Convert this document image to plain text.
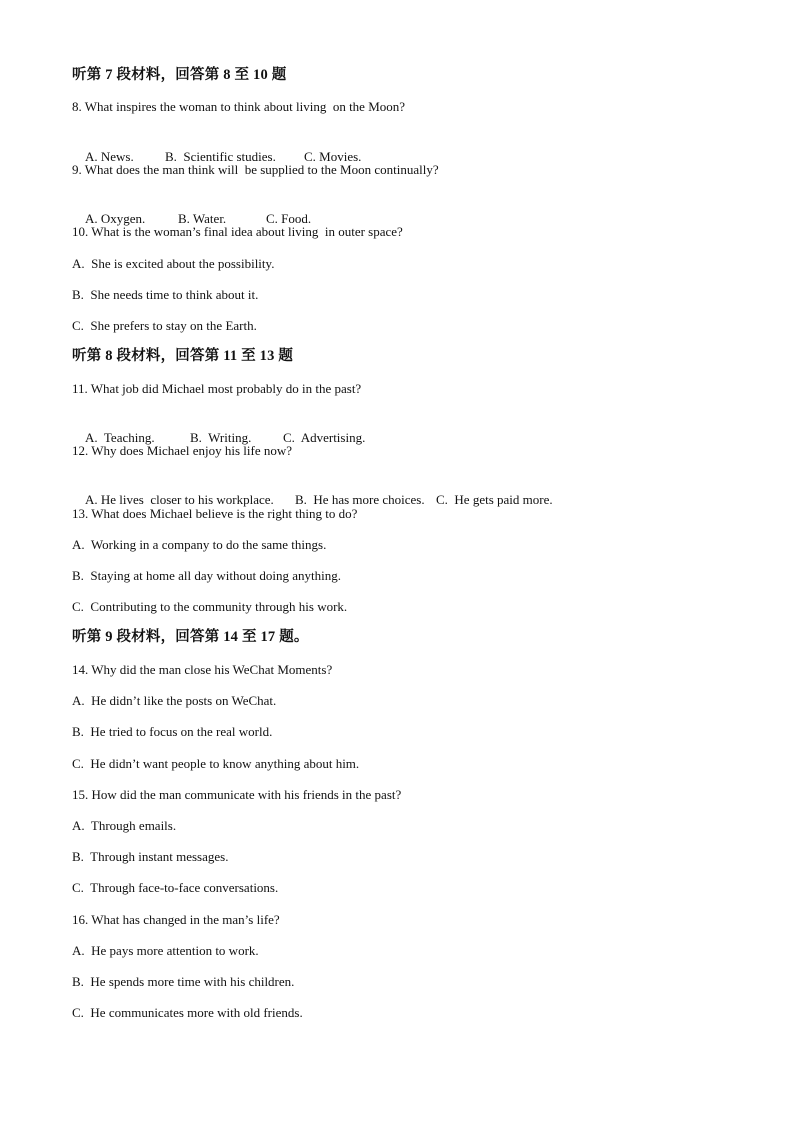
听第 7 段材料，回答第 8 至 10 题
8. What inspires the woman to think about living  on the Moon?

A. News. B.  Scientific studies. C. Movies.

9. What does the man think will  be supplied to the Moon continually?

A. Oxygen.	B. Water.	C. Food.

10. What is the woman’s final idea about living  in outer space?
A.  She is excited about the possibility.
B.  She needs time to think about it.
C.  She prefers to stay on the Earth.
听第 8 段材料，回答第 11 至 13 题
11. What job did Michael most probably do in the past?

A.  Teaching.	B.  Writing. C.  Advertising.

12. Why does Michael enjoy his life now?

A. He lives  closer to his workplace. B.  He has more choices. C.  He gets paid more.

13. What does Michael believe is the right thing to do?
A.  Working in a company to do the same things.
B.  Staying at home all day without doing anything.
C.  Contributing to the community through his work.
听第 9 段材料，回答第 14 至 17 题。
14. Why did the man close his WeChat Moments?
A.  He didn’t like the posts on WeChat.
B.  He tried to focus on the real world.
C.  He didn’t want people to know anything about him.
15. How did the man communicate with his friends in the past?
A.  Through emails.
B.  Through instant messages.
C.  Through face-to-face conversations.
16. What has changed in the man’s life?
A.  He pays more attention to work.
B.  He spends more time with his children.
C.  He communicates more with old friends.
